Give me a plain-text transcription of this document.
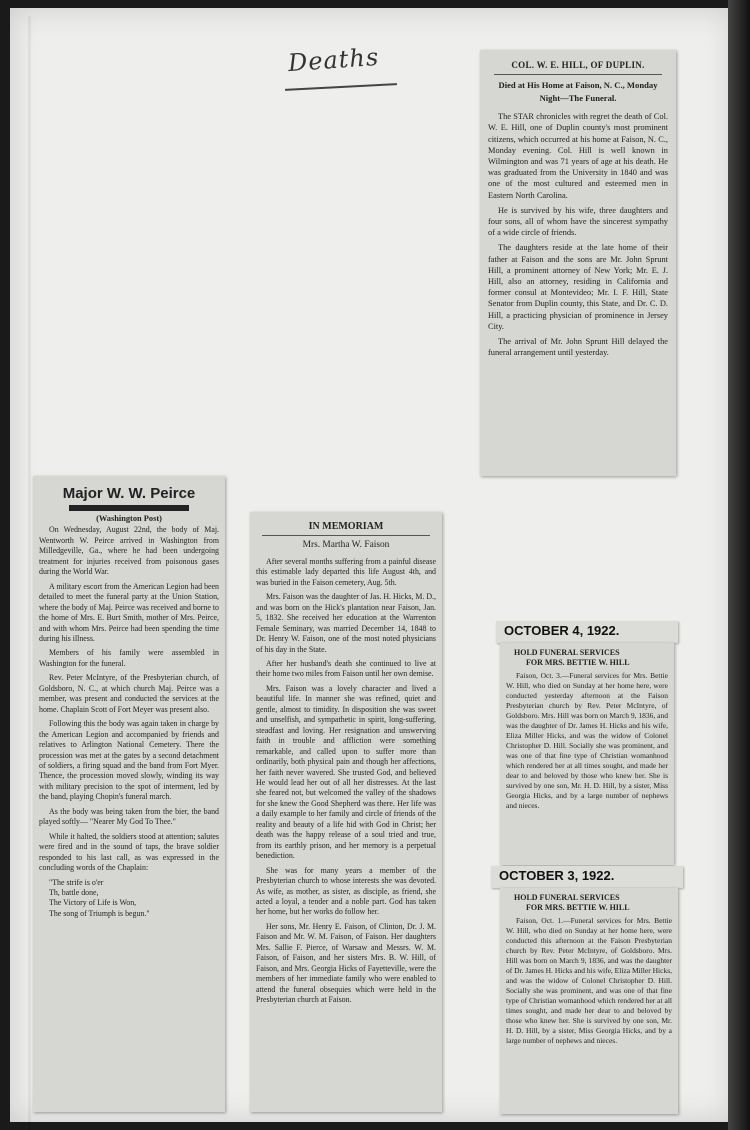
Deaths	COL. W. E. HILL, OF DUPLIN.
Died at His Home at Faison, N. C., Monday Night—The Funeral.

The STAR chronicles with regret the death of Col. W. E. Hill, one of Duplin county's most prominent citizens, which occurred at his home at Faison, N. C., Monday evening. Col. Hill is well known in Wilmington and was 71 years of age at his death. He was graduated from the University in 1840 and was one of the most cultured and esteemed men in Eastern North Carolina.

He is survived by his wife, three daughters and four sons, all of whom have the sincerest sympathy of a wide circle of friends.

The daughters reside at the late home of their father at Faison and the sons are Mr. John Sprunt Hill, a prominent attorney of New York; Mr. E. J. Hill, also an attorney, residing in California and former consul at Montevideo; Mr. I. F. Hill, State Senator from Duplin county, this State, and Dr. C. D. Hill, a practicing physician of prominence in Jersey City.

The arrival of Mr. John Sprunt Hill delayed the funeral arrangement until yesterday.

Major W. W. Peirce
(Washington Post)

On Wednesday, August 22nd, the body of Maj. Wentworth W. Peirce arrived in Washington from Milledgeville, Ga., where he had been undergoing treatment for injuries received from poisonous gases during the World War.

A military escort from the American Legion had been detailed to meet the funeral party at the Union Station, where the body of Maj. Peirce was received and borne to the home of Mrs. E. Burt Smith, mother of Mrs. Peirce, and with whom Mrs. Peirce had been spending the time during his illness.

Members of his family were assembled in Washington for the funeral.

Rev. Peter McIntyre, of the Presbyterian church, of Goldsboro, N. C., at which church Maj. Peirce was a member, was present and conducted the services at the home. Chaplain Scott of Fort Meyer was present also.

Following this the body was again taken in charge by the American Legion and accompanied by friends and relatives to Arlington National Cemetery. There the procession was met at the gates by a second detachment of soldiers, a firing squad and the band from Fort Myer. Thence, the procession moved slowly, winding its way with military precision to the spot of interment, led by the band, playing Chopin's funeral march.

As the body was being taken from the bier, the band played softly— "Nearer My God To Thee."

While it halted, the soldiers stood at attention; salutes were fired and in the sound of taps, the brave soldier responded to his last call, as was expressed in the concluding words of the Chaplain:

"The strife is o'er

Th, battle done,

The Victory of Life is Won,

The song of Triumph is begun."

IN MEMORIAM
Mrs. Martha W. Faison

After several months suffering from a painful disease this estimable lady departed this life August 4th, and was buried in the Faison cemetery, Aug. 5th.

Mrs. Faison was the daughter of Jas. H. Hicks, M. D., and was born on the Hick's plantation near Faison, Jan. 5, 1832. She received her education at the Warrenton Female Seminary, was married December 14, 1848 to Dr. Henry W. Faison, one of the most noted physicians of his day in the State.

After her husband's death she continued to live at their home two miles from Faison until her own demise.

Mrs. Faison was a lovely character and lived a beautiful life. In manner she was refined, quiet and gentle, almost to timidity. In disposition she was sweet and unselfish, and sympathetic in spirit, long-suffering, steadfast and loving. Her resignation and unswerving faith in trouble and affliction were something remarkable, and called upon to suffer more than ordinarily, both physical pain and though her affections, her faith never wavered. She trusted God, and believed He would lead her out of all her distresses. At the last she feared not, but welcomed the valley of the shadows for she knew the Good Shepherd was there. Her life was a daily example to her family and circle of friends of the reality and beauty of a life hid with God in Christ; her death was the happy release of a soul tried and true, from its earthly prison, and her memory is a perpetual benediction.

She was for many years a member of the Presbyterian church to whose interests she was devoted. As wife, as mother, as sister, as disciple, as friend, she acted a loyal, a tender and a noble part. God has taken her home, but her works do follow her.

Her sons, Mr. Henry E. Faison, of Clinton, Dr. J. M. Faison and Mr. W. M. Faison, of Faison. Her daughters Mrs. Sallie F. Pierce, of Warsaw and Messrs. W. M. Faison, of Faison, and her sisters Mrs. B. W. Hill, of Faison, and Mrs. Georgia Hicks of Fayetteville, were the members of her immediate family who were enabled to attend the funeral obsequies which were held in the Presbyterian church at Faison.

OCTOBER 4, 1922.
HOLD FUNERAL SERVICES
FOR MRS. BETTIE W. HILL

Faison, Oct. 3.—Funeral services for Mrs. Bettie W. Hill, who died on Sunday at her home here, were conducted yesterday afternoon at the Faison Presbyterian church by Rev. Peter McIntyre, of Goldsboro. Mrs. Hill was born on March 9, 1836, and was the daughter of Dr. James H. Hicks and his wife, Eliza Miller Hicks, and was the widow of Colonel Christopher D. Hill. Socially she was prominent, and was one of that fine type of Christian womanhood which rendered her at all times sought, and made her dear to and beloved by those who knew her. She is survived by one son, Mr. H. D. Hill, by a sister, Miss Georgia Hicks, and by a large number of nephews and nieces.

OCTOBER 3, 1922.
HOLD FUNERAL SERVICES
FOR MRS. BETTIE W. HILL

Faison, Oct. 1.—Funeral services for Mrs. Bettie W. Hill, who died on Sunday at her home here, were conducted this afternoon at the Faison Presbyterian church by Rev. Peter McIntyre, of Goldsboro. Mrs. Hill was born on March 9, 1836, and was the daughter of Dr. James H. Hicks and his wife, Eliza Miller Hicks, and was the widow of Colonel Christopher D. Hill. Socially she was prominent, and was one of that fine type of Christian womanhood which rendered her at all times sought, and made her dear to and beloved by those who knew her. She is survived by one son, Mr. H. D. Hill, by a sister, Miss Georgia Hicks, and by a large number of nephews and nieces.
